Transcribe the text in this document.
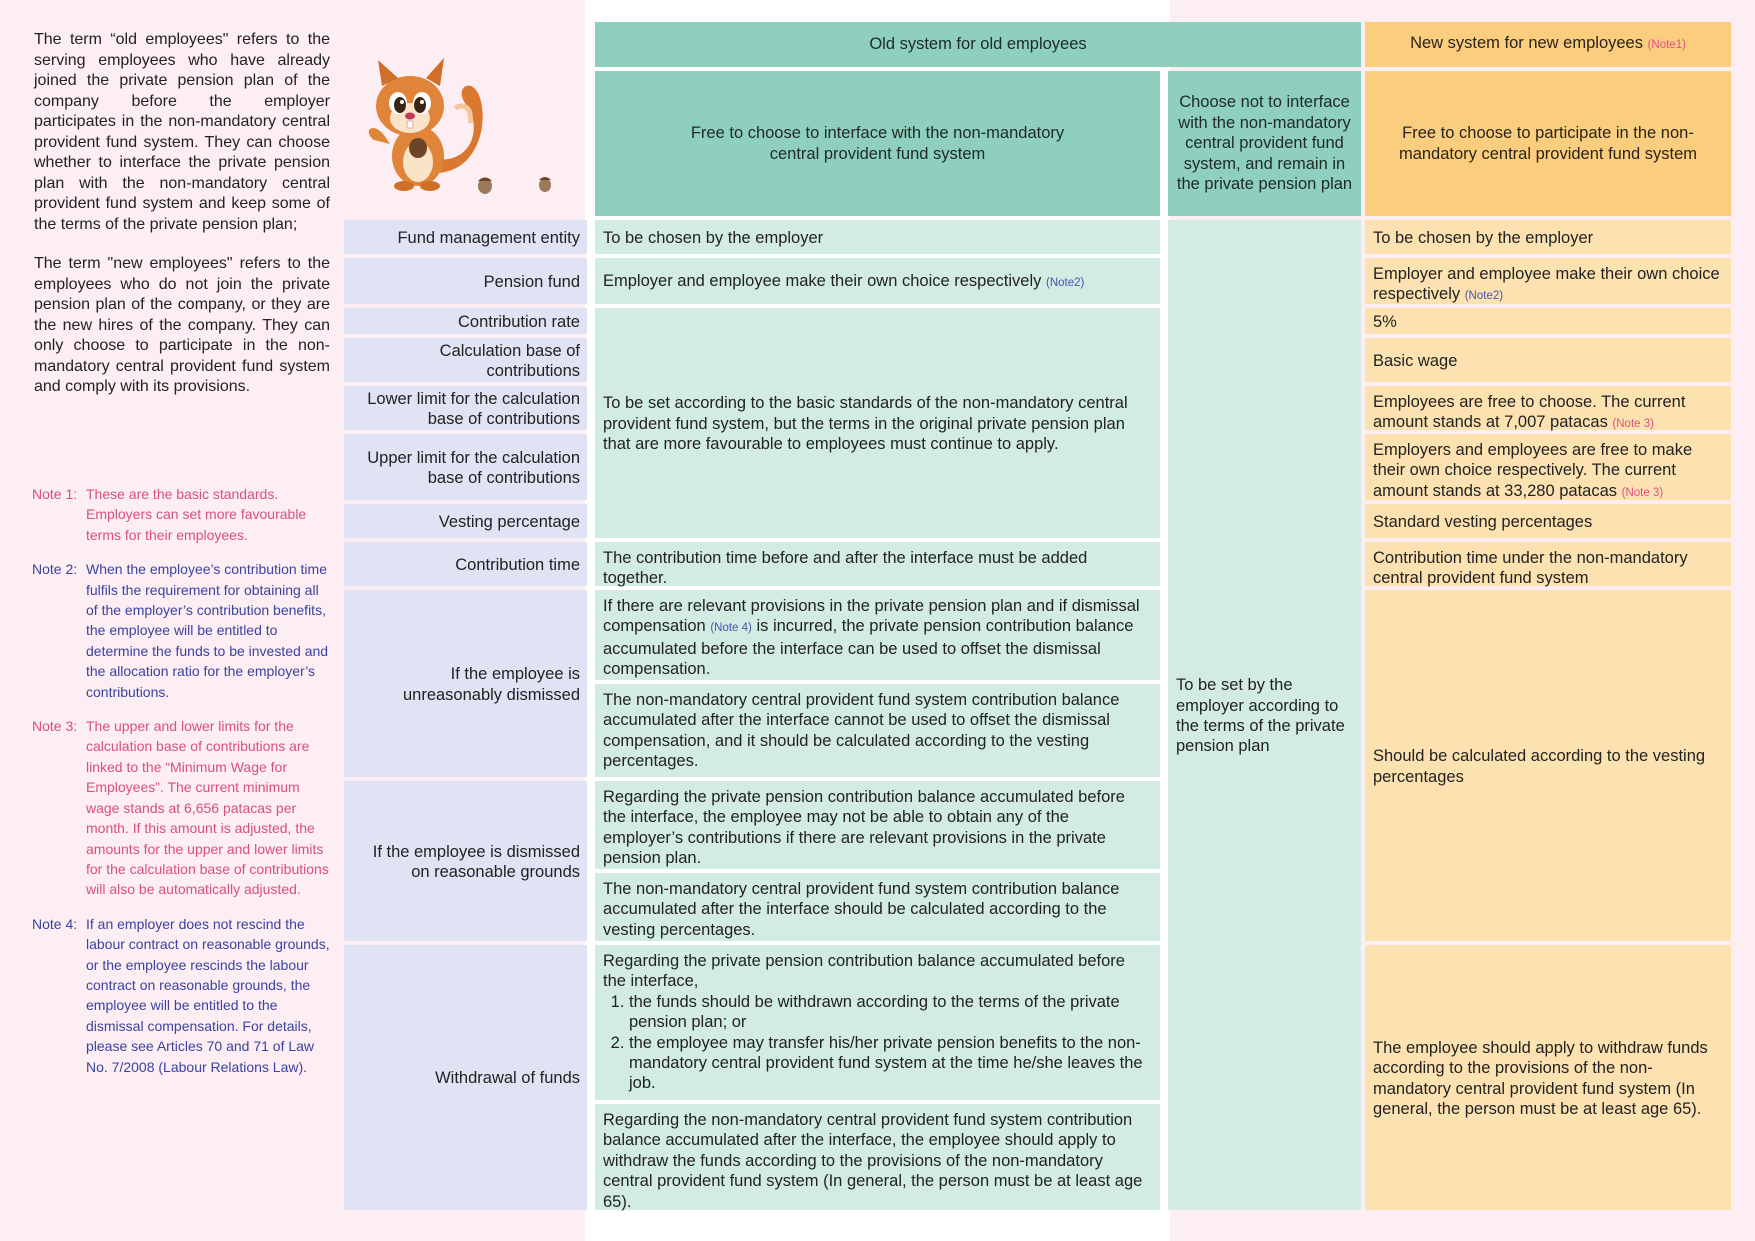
The term “old employees" refers to the serving employees who have already joined the private pension plan of the company before the employer participates in the non-mandatory central provident fund system. They can choose whether to interface the private pension plan with the non-mandatory central provident fund system and keep some of the terms of the private pension plan;

The term "new employees" refers to the employees who do not join the private pension plan of the company, or they are the new hires of the company. They can only choose to participate in the non-mandatory central provident fund system and comply with its provisions.

Note 1: These are the basic standards. Employers can set more favourable terms for their employees.
Note 2: When the employee’s contribution time fulfils the requirement for obtaining all of the employer’s contribution benefits, the employee will be entitled to determine the funds to be invested and the allocation ratio for the employer’s contributions.
Note 3: The upper and lower limits for the calculation base of contributions are linked to the “Minimum Wage for Employees”. The current minimum wage stands at 6,656 patacas per month. If this amount is adjusted, the amounts for the upper and lower limits for the calculation base of contributions will also be automatically adjusted.
Note 4: If an employer does not rescind the labour contract on reasonable grounds, or the employee rescinds the labour contract on reasonable grounds, the employee will be entitled to the dismissal compensation. For details, please see Articles 70 and 71 of Law No. 7/2008 (Labour Relations Law).
Old system for old employees	New system for new employees (Note1)
Free to choose to interface with the non-mandatory central provident fund system
Choose not to interface with the non-mandatory central provident fund system, and remain in the private pension plan
Free to choose to participate in the non-mandatory central provident fund system
Fund management entity
Pension fund
Contribution rate
Calculation base of contributions
Lower limit for the calculation base of contributions
Upper limit for the calculation base of contributions
Vesting percentage
Contribution time
If the employee is unreasonably dismissed
If the employee is dismissed on reasonable grounds
Withdrawal of funds
To be chosen by the employer
Employer and employee make their own choice respectively (Note2)
To be set according to the basic standards of the non-mandatory central provident fund system, but the terms in the original private pension plan that are more favourable to employees must continue to apply.
The contribution time before and after the interface must be added together.
If there are relevant provisions in the private pension plan and if dismissal compensation (Note 4) is incurred, the private pension contribution balance accumulated before the interface can be used to offset the dismissal compensation.
The non-mandatory central provident fund system contribution balance accumulated after the interface cannot be used to offset the dismissal compensation, and it should be calculated according to the vesting percentages.
Regarding the private pension contribution balance accumulated before the interface, the employee may not be able to obtain any of the employer’s contributions if there are relevant provisions in the private pension plan.
The non-mandatory central provident fund system contribution balance accumulated after the interface should be calculated according to the vesting percentages.
Regarding the private pension contribution balance accumulated before the interface,
1. the funds should be withdrawn according to the terms of the private pension plan; or
2. the employee may transfer his/her private pension benefits to the non-mandatory central provident fund system at the time he/she leaves the job.
Regarding the non-mandatory central provident fund system contribution balance accumulated after the interface, the employee should apply to withdraw the funds according to the provisions of the non-mandatory central provident fund system (In general, the person must be at least age 65).
To be set by the employer according to the terms of the private pension plan
To be chosen by the employer
Employer and employee make their own choice respectively (Note2)
5%
Basic wage
Employees are free to choose. The current amount stands at 7,007 patacas (Note 3)
Employers and employees are free to make their own choice respectively. The current amount stands at 33,280 patacas (Note 3)
Standard vesting percentages
Contribution time under the non-mandatory central provident fund system
Should be calculated according to the vesting percentages
The employee should apply to withdraw funds according to the provisions of the non-mandatory central provident fund system (In general, the person must be at least age 65).
